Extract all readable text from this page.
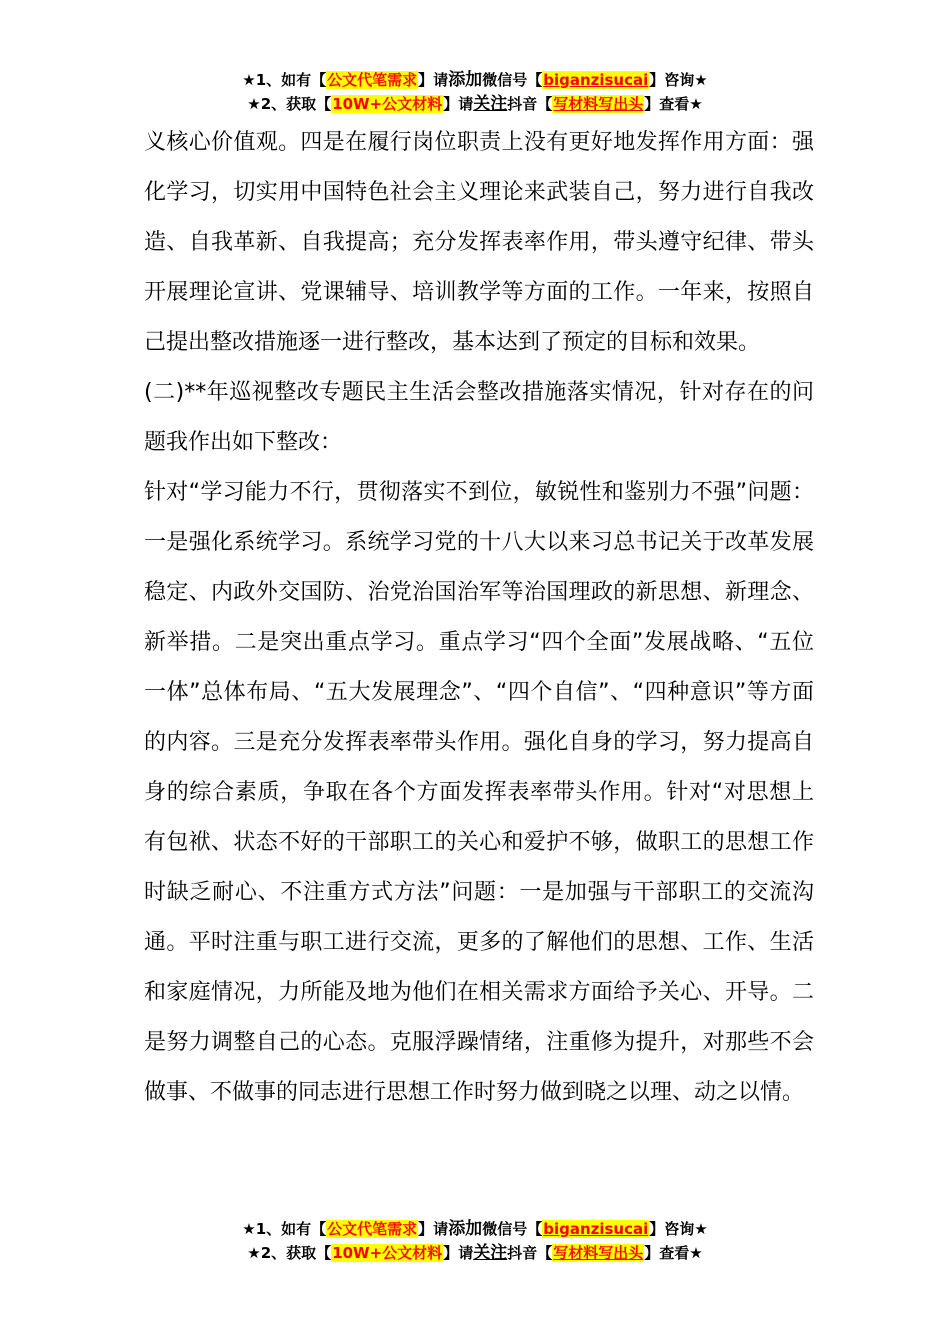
★1、如有【公文代笔需求】请添加微信号【biganzisucai】咨询★
★2、获取【10W+公文材料】请关注抖音【写材料写出头】查看★

义核心价值观。四是在履行岗位职责上没有更好地发挥作用方面：强化学习，切实用中国特色社会主义理论来武装自己，努力进行自我改造、自我革新、自我提高；充分发挥表率作用，带头遵守纪律、带头开展理论宣讲、党课辅导、培训教学等方面的工作。一年来，按照自己提出整改措施逐一进行整改，基本达到了预定的目标和效果。

(二)**年巡视整改专题民主生活会整改措施落实情况，针对存在的问题我作出如下整改：

针对“学习能力不行，贯彻落实不到位，敏锐性和鉴别力不强”问题：一是强化系统学习。系统学习党的十八大以来习总书记关于改革发展稳定、内政外交国防、治党治国治军等治国理政的新思想、新理念、新举措。二是突出重点学习。重点学习“四个全面”发展战略、“五位一体”总体布局、“五大发展理念”、“四个自信”、“四种意识”等方面的内容。三是充分发挥表率带头作用。强化自身的学习，努力提高自身的综合素质，争取在各个方面发挥表率带头作用。针对“对思想上有包袱、状态不好的干部职工的关心和爱护不够，做职工的思想工作时缺乏耐心、不注重方式方法”问题：一是加强与干部职工的交流沟通。平时注重与职工进行交流，更多的了解他们的思想、工作、生活和家庭情况，力所能及地为他们在相关需求方面给予关心、开导。二是努力调整自己的心态。克服浮躁情绪，注重修为提升，对那些不会做事、不做事的同志进行思想工作时努力做到晓之以理、动之以情。

★1、如有【公文代笔需求】请添加微信号【biganzisucai】咨询★
★2、获取【10W+公文材料】请关注抖音【写材料写出头】查看★
